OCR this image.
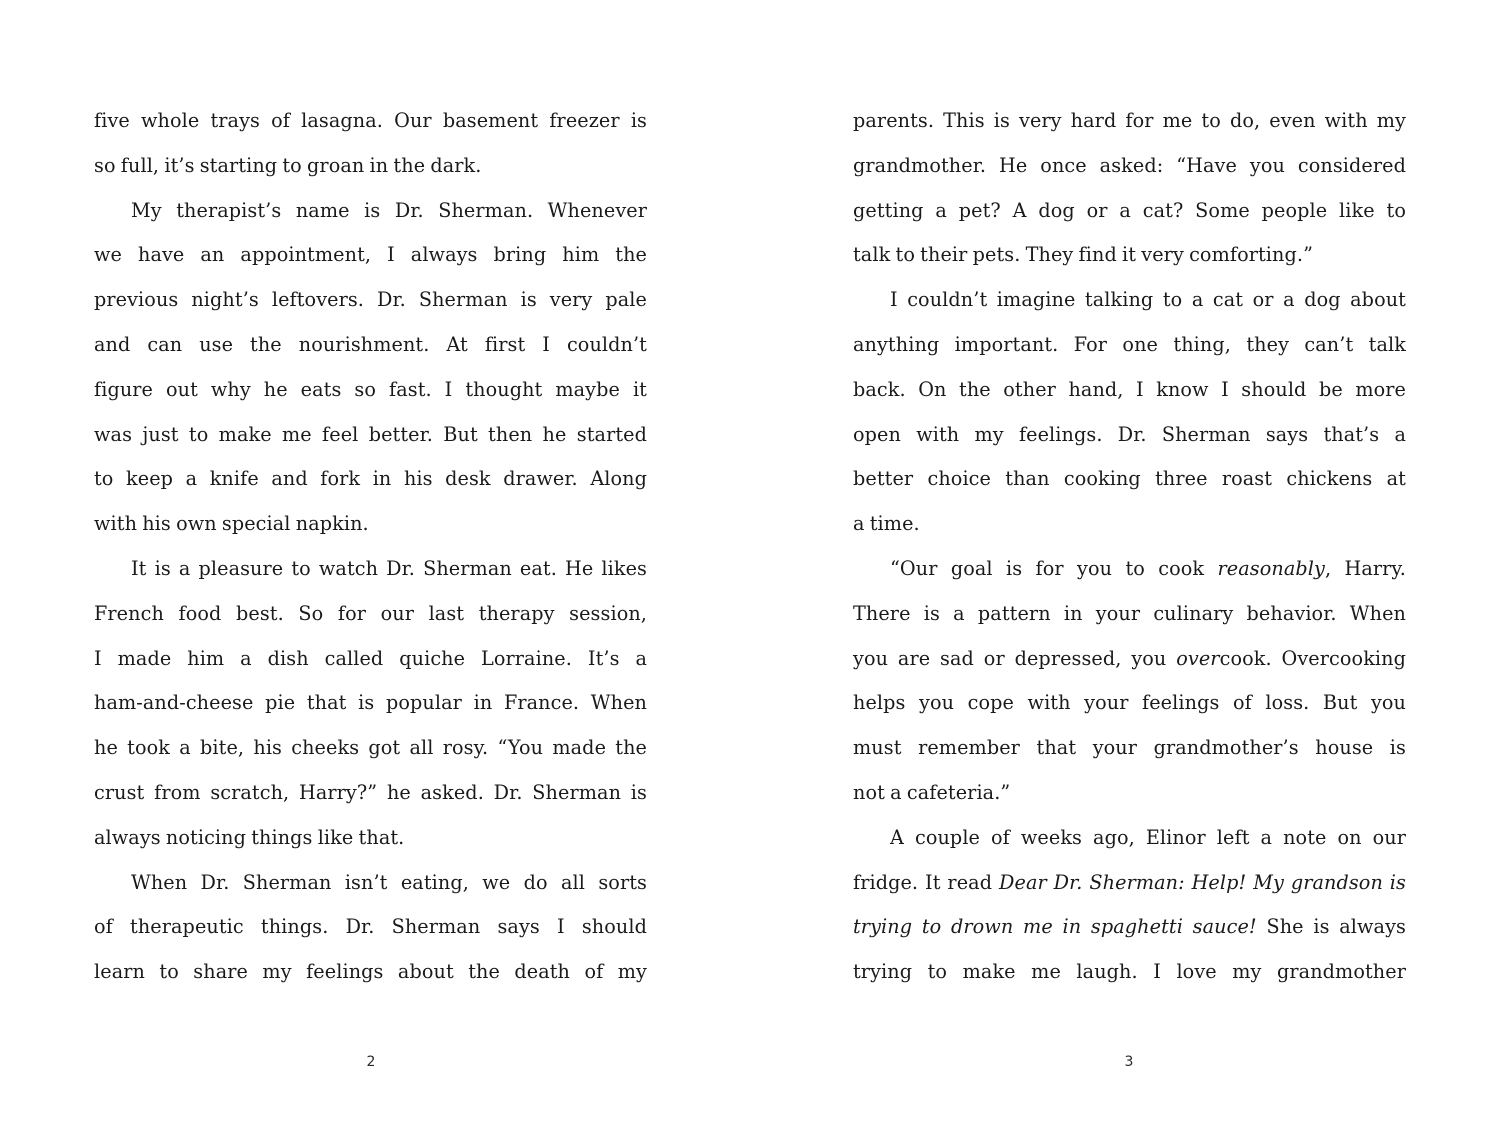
five whole trays of lasagna. Our basement freezer is
so full, it’s starting to groan in the dark.
My therapist’s name is Dr. Sherman. Whenever
we have an appointment, I always bring him the
previous night’s leftovers. Dr. Sherman is very pale
and can use the nourishment. At first I couldn’t
figure out why he eats so fast. I thought maybe it
was just to make me feel better. But then he started
to keep a knife and fork in his desk drawer. Along
with his own special napkin.
It is a pleasure to watch Dr. Sherman eat. He likes
French food best. So for our last therapy session,
I made him a dish called quiche Lorraine. It’s a
ham-and-cheese pie that is popular in France. When
he took a bite, his cheeks got all rosy. “You made the
crust from scratch, Harry?” he asked. Dr. Sherman is
always noticing things like that.
When Dr. Sherman isn’t eating, we do all sorts
of therapeutic things. Dr. Sherman says I should
learn to share my feelings about the death of my
2
parents. This is very hard for me to do, even with my
grandmother. He once asked: “Have you considered
getting a pet? A dog or a cat? Some people like to
talk to their pets. They find it very comforting.”
I couldn’t imagine talking to a cat or a dog about
anything important. For one thing, they can’t talk
back. On the other hand, I know I should be more
open with my feelings. Dr. Sherman says that’s a
better choice than cooking three roast chickens at
a time.
“Our goal is for you to cook reasonably, Harry.
There is a pattern in your culinary behavior. When
you are sad or depressed, you overcook. Overcooking
helps you cope with your feelings of loss. But you
must remember that your grandmother’s house is
not a cafeteria.”
A couple of weeks ago, Elinor left a note on our
fridge. It read Dear Dr. Sherman: Help! My grandson is
trying to drown me in spaghetti sauce! She is always
trying to make me laugh. I love my grandmother
3
